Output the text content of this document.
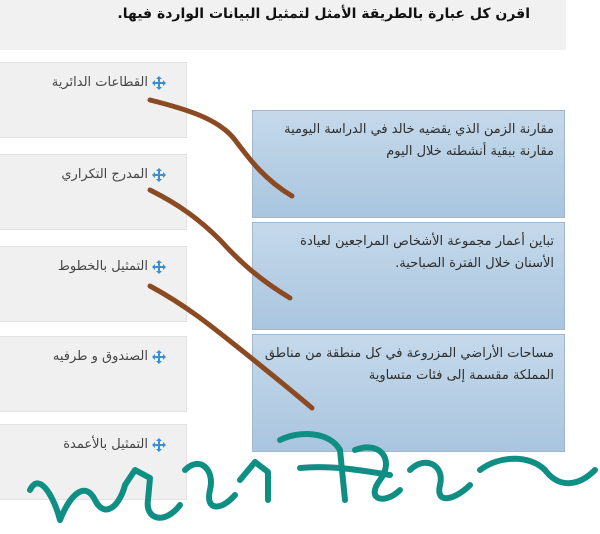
اقرن كل عبارة بالطريقة الأمثل لتمثيل البيانات الواردة فيها.
القطاعات الدائرية
المدرج التكراري
التمثيل بالخطوط
الصندوق و طرفيه
التمثيل بالأعمدة
مقارنة الزمن الذي يقضيه خالد في الدراسة اليومية مقارنة ببقية أنشطته خلال اليوم
تباين أعمار مجموعة الأشخاص المراجعين لعيادة الأسنان خلال الفترة الصباحية.
مساحات الأراضي المزروعة في كل منطقة من مناطق المملكة مقسمة إلى فئات متساوية
